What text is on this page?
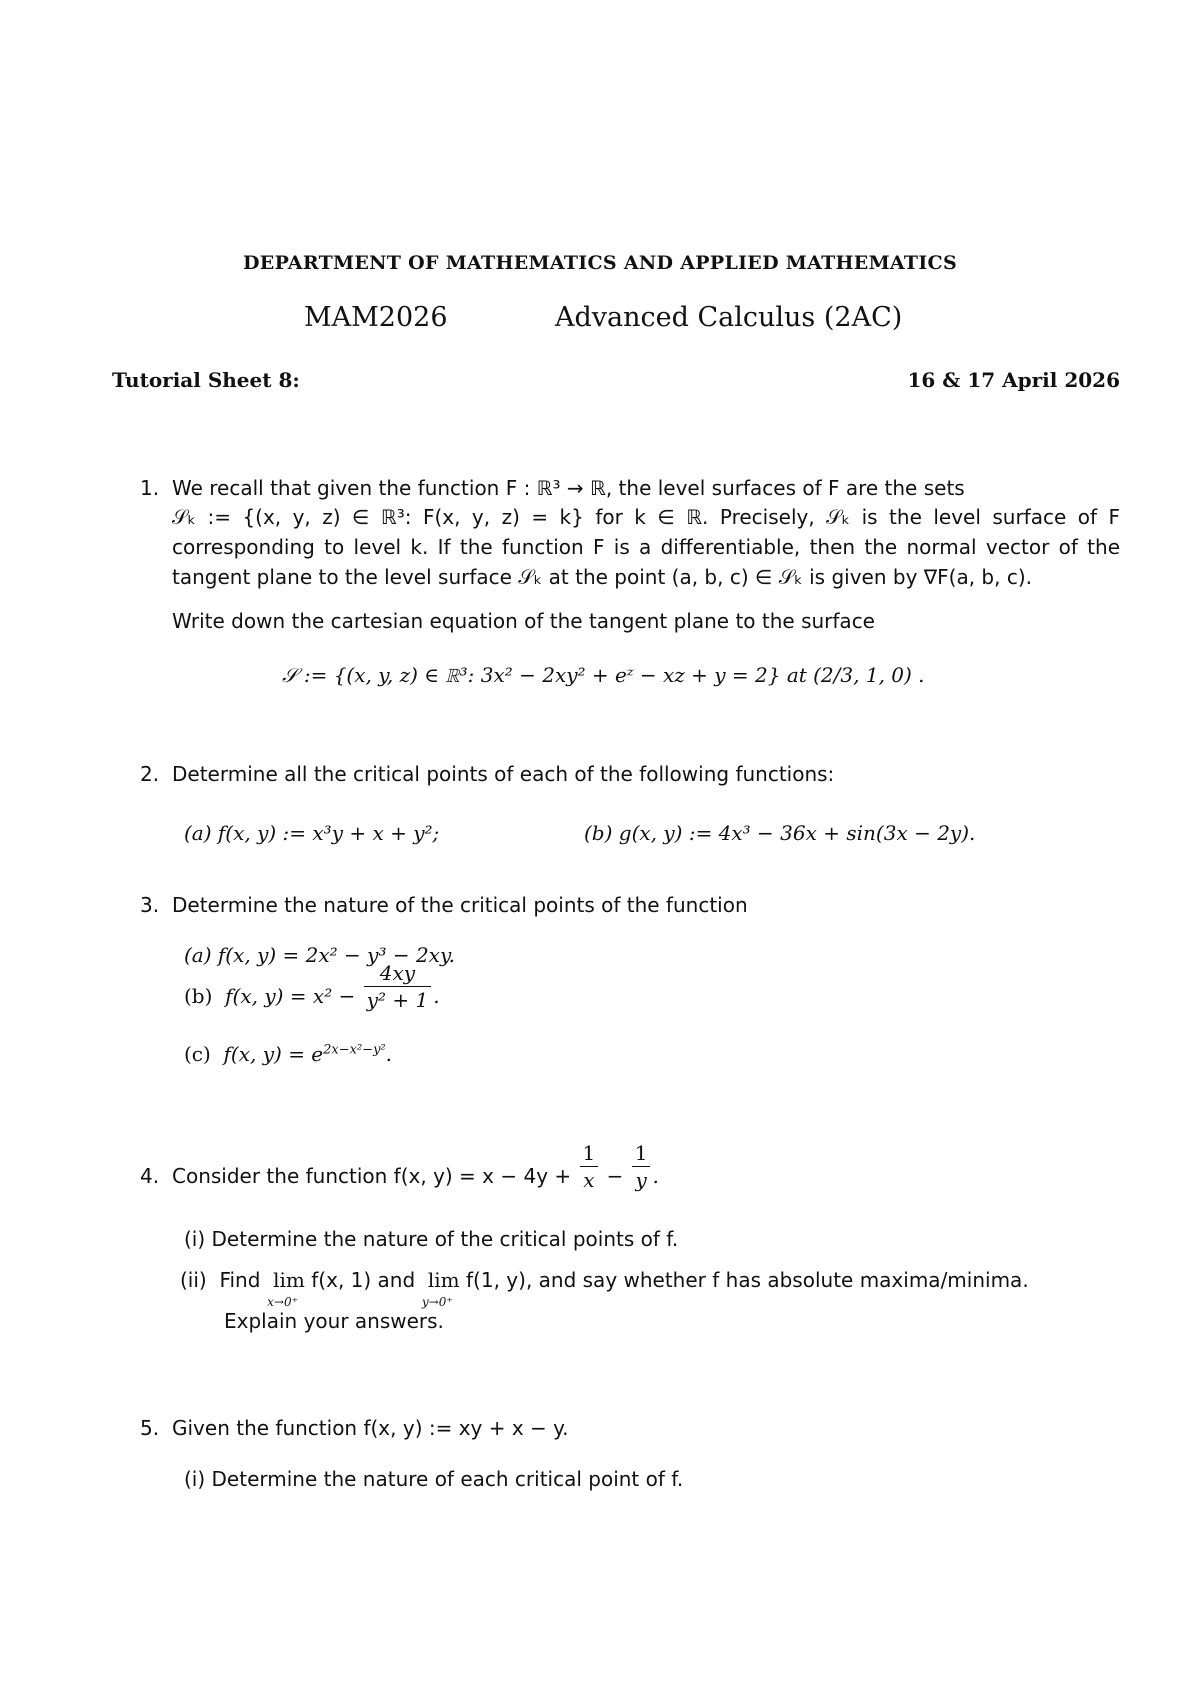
DEPARTMENT OF MATHEMATICS AND APPLIED MATHEMATICS
MAM2026	Advanced Calculus (2AC)
Tutorial Sheet 8:	16 & 17 April 2026
1. We recall that given the function F : ℝ³ → ℝ, the level surfaces of F are the sets
𝒮ₖ := {(x, y, z) ∈ ℝ³: F(x, y, z) = k} for k ∈ ℝ. Precisely, 𝒮ₖ is the level surface of F
corresponding to level k. If the function F is a differentiable, then the normal vector of the
tangent plane to the level surface 𝒮ₖ at the point (a, b, c) ∈ 𝒮ₖ is given by ∇F(a, b, c).
Write down the cartesian equation of the tangent plane to the surface
𝒮 := {(x, y, z) ∈ ℝ³: 3x² − 2xy² + eᶻ − xz + y = 2} at (2/3, 1, 0) .
2. Determine all the critical points of each of the following functions:
(a) f(x, y) := x³y + x + y²;	(b) g(x, y) := 4x³ − 36x + sin(3x − 2y).
3. Determine the nature of the critical points of the function
(a) f(x, y) = 2x² − y³ − 2xy.
(b) f(x, $y) = x^2 - \frac{4xy}{\text{y² + 1}}$ .
(c) f(x, $y) = e^{2x-x^2-y^2}$.
4. Consider the function f(x, $y) = x - 4y + \frac{1}{x} - \frac{1}{y}$ .
(i) Determine the nature of the critical points of f.
(ii) Find lim
x→0⁺
f(x, 1) and lim
y→0⁺
f(1, y), and say whether f has absolute maxima/minima.
Explain your answers.
5. Given the function f(x, y) := xy + x − y.
(i) Determine the nature of each critical point of f.
